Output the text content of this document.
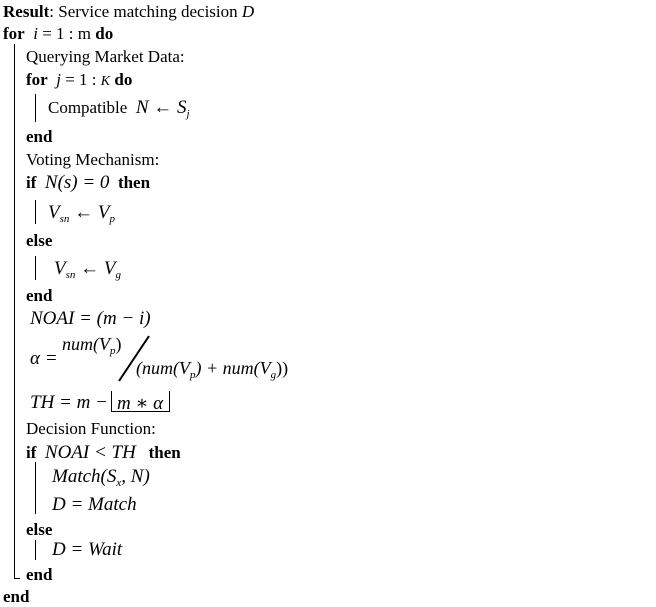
Result: Service matching decision D
for i = 1 : m do
Querying Market Data:
for j = 1 : K do
Compatible N ← $S_j$
end
Voting Mechanism:
if N(s) = 0 then
$V_{sn}$ ← $V_p$
else
$V_{sn}$ ← $V_g$
end
NOAI = (m − i)
α =
$num(V_p)$
$(num(V_p) + num(V_g))$
TH = m − m ∗ α
Decision Function:
if NOAI < TH then
$Match(S_x$, N)
D = Match
else
D = Wait
end
end
